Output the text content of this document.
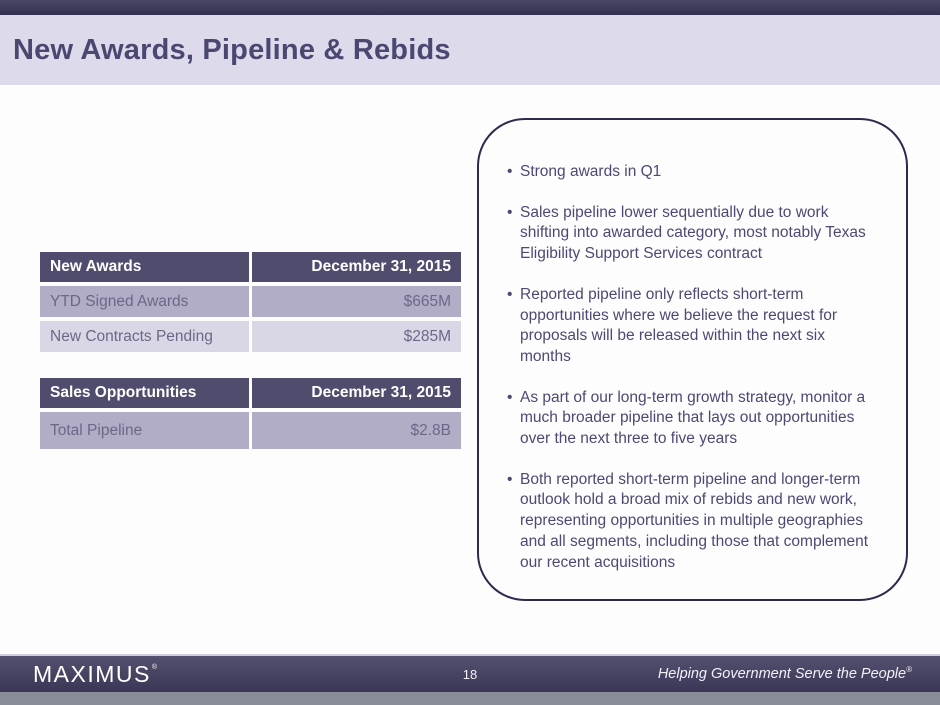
New Awards, Pipeline & Rebids
New Awards	December 31, 2015
YTD Signed Awards	$665M
New Contracts Pending	$285M
Sales Opportunities	December 31, 2015
Total Pipeline	$2.8B
• Strong awards in Q1
• Sales pipeline lower sequentially due to work shifting into awarded category, most notably Texas Eligibility Support Services contract
• Reported pipeline only reflects short-term opportunities where we believe the request for proposals will be released within the next six months
• As part of our long-term growth strategy, monitor a much broader pipeline that lays out opportunities over the next three to five years
• Both reported short-term pipeline and longer-term outlook hold a broad mix of rebids and new work, representing opportunities in multiple geographies and all segments, including those that complement our recent acquisitions
MAXIMUS®	18	Helping Government Serve the People®
